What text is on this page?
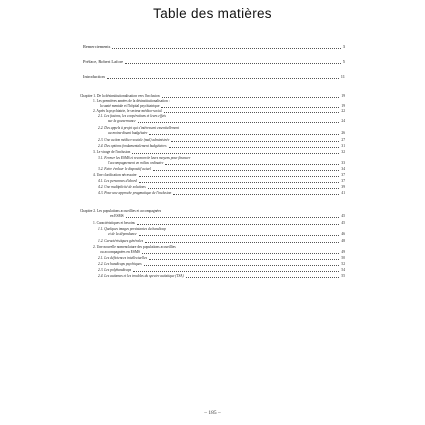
Table des matières
Remerciements	3
Préface, Robert Lafore	5
Introduction	11
Chapitre 1. De la désinstitutionalisation vers l'inclusion	19
1. Les premières années de la désinstitutionalisation :
la santé mentale et l'hôpital psychiatrique	19
2. Après la psychiatrie, le secteur médico-social	22
2.1. Les fusions, les coopérations et leurs effets
sur la gouvernance	24
2.2. Des appels à projet qui s'intéressent essentiellement
au moins-disant budgétaire	26
2.3. Une action médico-sociale (mal) administrée	27
2.4. Des options fondamentalement budgétaires	31
3. Le virage de l'inclusion	32
3.1. Fermer les ESMS et reconvertir leurs moyens pour financer
l'accompagnement en milieu ordinaire	33
3.2. Faire évoluer le dispositif actuel	34
4. Une clarification nécessaire	37
4.1. Les personnes d'abord	37
4.2. Une multiplicité de solutions	39
4.3. Pour une approche pragmatique de l'inclusion	41
Chapitre 2. Les populations accueillies et accompagnées
en ESMS	45
1. Caractéristiques et besoins	45
1.1. Quelques images persistantes du handicap
et de la dépendance	46
1.2. Caractéristiques générales	48
2. Une nouvelle nomenclature des populations accueillies
ou accompagnées en ESMS	49
2.1. Les déficiences intellectuelles	50
2.2. Les handicaps psychiques	52
2.3. Les polyhandicaps	54
2.4. Les autismes et les troubles du spectre autistique (TSA)	55
– 185 –
